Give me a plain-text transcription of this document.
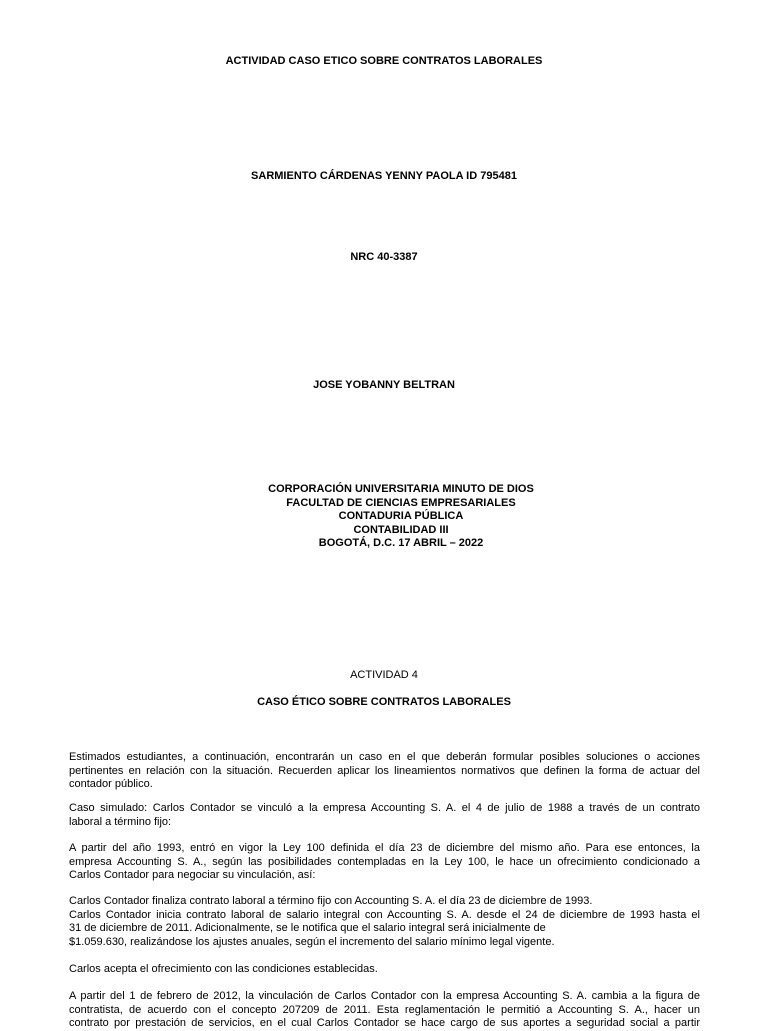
ACTIVIDAD CASO ETICO SOBRE CONTRATOS LABORALES
SARMIENTO CÁRDENAS YENNY PAOLA ID 795481
NRC 40-3387
JOSE YOBANNY BELTRAN
CORPORACIÓN UNIVERSITARIA MINUTO DE DIOS
FACULTAD DE CIENCIAS EMPRESARIALES
CONTADURIA PÚBLICA
CONTABILIDAD III
BOGOTÁ, D.C. 17 ABRIL – 2022
ACTIVIDAD 4
CASO ÉTICO SOBRE CONTRATOS LABORALES
Estimados estudiantes, a continuación, encontrarán un caso en el que deberán formular posibles soluciones o acciones
pertinentes en relación con la situación. Recuerden aplicar los lineamientos normativos que definen la forma de actuar del
contador público.
Caso simulado: Carlos Contador se vinculó a la empresa Accounting S. A. el 4 de julio de 1988 a través de un contrato
laboral a término fijo:
A partir del año 1993, entró en vigor la Ley 100 definida el día 23 de diciembre del mismo año. Para ese entonces, la
empresa Accounting S. A., según las posibilidades contempladas en la Ley 100, le hace un ofrecimiento condicionado a
Carlos Contador para negociar su vinculación, así:
Carlos Contador finaliza contrato laboral a término fijo con Accounting S. A. el día 23 de diciembre de 1993.
Carlos Contador inicia contrato laboral de salario integral con Accounting S. A. desde el 24 de diciembre de 1993 hasta el
31 de diciembre de 2011. Adicionalmente, se le notifica que el salario integral será inicialmente de
$1.059.630, realizándose los ajustes anuales, según el incremento del salario mínimo legal vigente.
Carlos acepta el ofrecimiento con las condiciones establecidas.
A partir del 1 de febrero de 2012, la vinculación de Carlos Contador con la empresa Accounting S. A. cambia a la figura de
contratista, de acuerdo con el concepto 207209 de 2011. Esta reglamentación le permitió a Accounting S. A., hacer un
contrato por prestación de servicios, en el cual Carlos Contador se hace cargo de sus aportes a seguridad social a partir
